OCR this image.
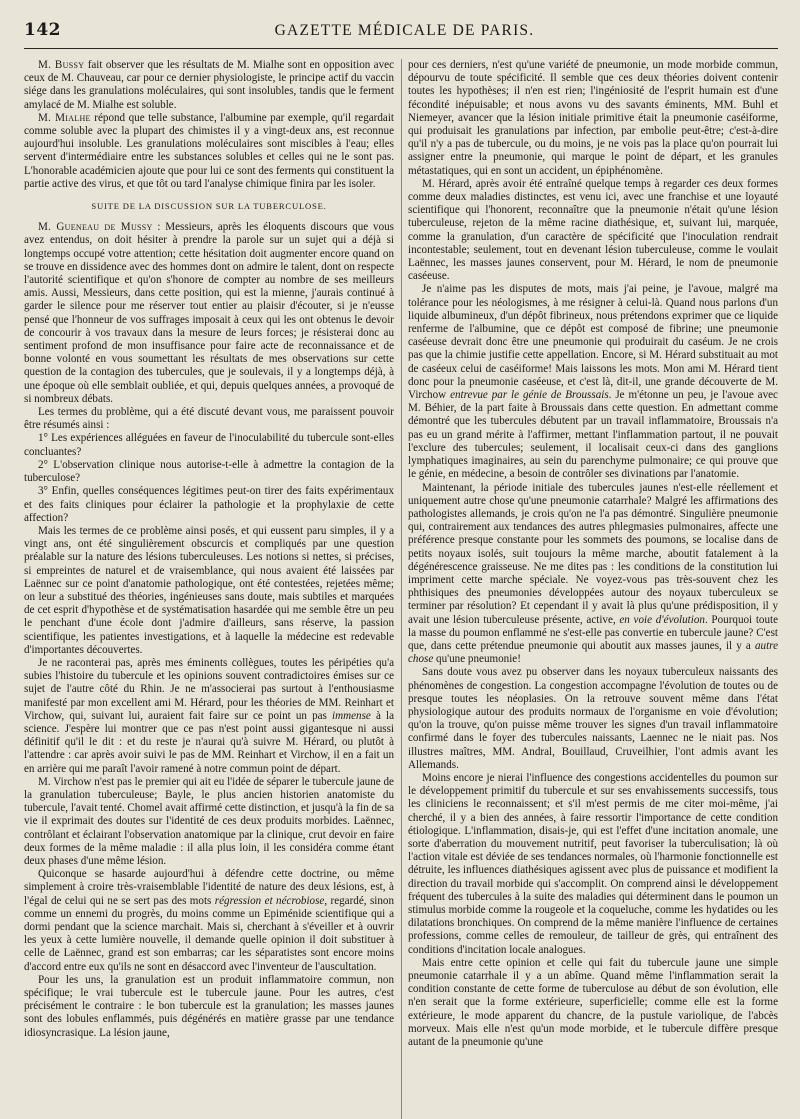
142	GAZETTE MÉDICALE DE PARIS.

M. Bussy fait observer que les résultats de M. Mialhe sont en opposition avec ceux de M. Chauveau, car pour ce dernier physiologiste, le principe actif du vaccin siége dans les granulations moléculaires, qui sont insolubles, tandis que le ferment amylacé de M. Mialhe est soluble.

M. Mialhe répond que telle substance, l'albumine par exemple, qu'il regardait comme soluble avec la plupart des chimistes il y a vingt-deux ans, est reconnue aujourd'hui insoluble. Les granulations moléculaires sont miscibles à l'eau; elles servent d'intermédiaire entre les substances solubles et celles qui ne le sont pas. L'honorable académicien ajoute que pour lui ce sont des ferments qui constituent la partie active des virus, et que tôt ou tard l'analyse chimique finira par les isoler.

SUITE DE LA DISCUSSION SUR LA TUBERCULOSE.

M. Gueneau de Mussy : Messieurs, après les éloquents discours que vous avez entendus, on doit hésiter à prendre la parole sur un sujet qui a déjà si longtemps occupé votre attention; cette hésitation doit augmenter encore quand on se trouve en dissidence avec des hommes dont on admire le talent, dont on respecte l'autorité scientifique et qu'on s'honore de compter au nombre de ses meilleurs amis. Aussi, Messieurs, dans cette position, qui est la mienne, j'aurais continué à garder le silence pour me réserver tout entier au plaisir d'écouter, si je n'eusse pensé que l'honneur de vos suffrages imposait à ceux qui les ont obtenus le devoir de concourir à vos travaux dans la mesure de leurs forces; je résisterai donc au sentiment profond de mon insuffisance pour faire acte de reconnaissance et de bonne volonté en vous soumettant les résultats de mes observations sur cette question de la contagion des tubercules, que je soulevais, il y a longtemps déjà, à une époque où elle semblait oubliée, et qui, depuis quelques années, a provoqué de si nombreux débats.

Les termes du problème, qui a été discuté devant vous, me paraissent pouvoir être résumés ainsi :

1° Les expériences alléguées en faveur de l'inoculabilité du tubercule sont-elles concluantes?

2° L'observation clinique nous autorise-t-elle à admettre la contagion de la tuberculose?

3° Enfin, quelles conséquences légitimes peut-on tirer des faits expérimentaux et des faits cliniques pour éclairer la pathologie et la prophylaxie de cette affection?

Mais les termes de ce problème ainsi posés, et qui eussent paru simples, il y a vingt ans, ont été singulièrement obscurcis et compliqués par une question préalable sur la nature des lésions tuberculeuses. Les notions si nettes, si précises, si empreintes de naturel et de vraisemblance, qui nous avaient été laissées par Laënnec sur ce point d'anatomie pathologique, ont été contestées, rejetées même; on leur a substitué des théories, ingénieuses sans doute, mais subtiles et marquées de cet esprit d'hypothèse et de systématisation hasardée qui me semble être un peu le penchant d'une école dont j'admire d'ailleurs, sans réserve, la passion scientifique, les patientes investigations, et à laquelle la médecine est redevable d'importantes découvertes.

Je ne raconterai pas, après mes éminents collègues, toutes les péripéties qu'a subies l'histoire du tubercule et les opinions souvent contradictoires émises sur ce sujet de l'autre côté du Rhin. Je ne m'associerai pas surtout à l'enthousiasme manifesté par mon excellent ami M. Hérard, pour les théories de MM. Reinhart et Virchow, qui, suivant lui, auraient fait faire sur ce point un pas immense à la science. J'espère lui montrer que ce pas n'est point aussi gigantesque ni aussi définitif qu'il le dit : et du reste je n'aurai qu'à suivre M. Hérard, ou plutôt à l'attendre : car après avoir suivi le pas de MM. Reinhart et Virchow, il en a fait un en arrière qui me paraît l'avoir ramené à notre commun point de départ.

M. Virchow n'est pas le premier qui ait eu l'idée de séparer le tubercule jaune de la granulation tuberculeuse; Bayle, le plus ancien historien anatomiste du tubercule, l'avait tenté. Chomel avait affirmé cette distinction, et jusqu'à la fin de sa vie il exprimait des doutes sur l'identité de ces deux produits morbides. Laënnec, contrôlant et éclairant l'observation anatomique par la clinique, crut devoir en faire deux formes de la même maladie : il alla plus loin, il les considéra comme étant deux phases d'une même lésion.

Quiconque se hasarde aujourd'hui à défendre cette doctrine, ou même simplement à croire très-vraisemblable l'identité de nature des deux lésions, est, à l'égal de celui qui ne se sert pas des mots régression et nécrobiose, regardé, sinon comme un ennemi du progrès, du moins comme un Epiménide scientifique qui a dormi pendant que la science marchait. Mais si, cherchant à s'éveiller et à ouvrir les yeux à cette lumière nouvelle, il demande quelle opinion il doit substituer à celle de Laënnec, grand est son embarras; car les séparatistes sont encore moins d'accord entre eux qu'ils ne sont en désaccord avec l'inventeur de l'auscultation.

Pour les uns, la granulation est un produit inflammatoire commun, non spécifique; le vrai tubercule est le tubercule jaune. Pour les autres, c'est précisément le contraire : le bon tubercule est la granulation; les masses jaunes sont des lobules enflammés, puis dégénérés en matière grasse par une tendance idiosyncrasique. La lésion jaune,

pour ces derniers, n'est qu'une variété de pneumonie, un mode morbide commun, dépourvu de toute spécificité. Il semble que ces deux théories doivent contenir toutes les hypothèses; il n'en est rien; l'ingéniosité de l'esprit humain est d'une fécondité inépuisable; et nous avons vu des savants éminents, MM. Buhl et Niemeyer, avancer que la lésion initiale primitive était la pneumonie caséiforme, qui produisait les granulations par infection, par embolie peut-être; c'est-à-dire qu'il n'y a pas de tubercule, ou du moins, je ne vois pas la place qu'on pourrait lui assigner entre la pneumonie, qui marque le point de départ, et les granules métastatiques, qui en sont un accident, un épiphénomène.

M. Hérard, après avoir été entraîné quelque temps à regarder ces deux formes comme deux maladies distinctes, est venu ici, avec une franchise et une loyauté scientifique qui l'honorent, reconnaître que la pneumonie n'était qu'une lésion tuberculeuse, rejeton de la même racine diathésique, et, suivant lui, marquée, comme la granulation, d'un caractère de spécificité que l'inoculation rendrait incontestable; seulement, tout en devenant lésion tuberculeuse, comme le voulait Laënnec, les masses jaunes conservent, pour M. Hérard, le nom de pneumonie caséeuse.

Je n'aime pas les disputes de mots, mais j'ai peine, je l'avoue, malgré ma tolérance pour les néologismes, à me résigner à celui-là. Quand nous parlons d'un liquide albumineux, d'un dépôt fibrineux, nous prétendons exprimer que ce liquide renferme de l'albumine, que ce dépôt est composé de fibrine; une pneumonie caséeuse devrait donc être une pneumonie qui produirait du caséum. Je ne crois pas que la chimie justifie cette appellation. Encore, si M. Hérard substituait au mot de caséeux celui de caséiforme! Mais laissons les mots. Mon ami M. Hérard tient donc pour la pneumonie caséeuse, et c'est là, dit-il, une grande découverte de M. Virchow entrevue par le génie de Broussais. Je m'étonne un peu, je l'avoue avec M. Béhier, de la part faite à Broussais dans cette question. En admettant comme démontré que les tubercules débutent par un travail inflammatoire, Broussais n'a pas eu un grand mérite à l'affirmer, mettant l'inflammation partout, il ne pouvait l'exclure des tubercules; seulement, il localisait ceux-ci dans des ganglions lymphatiques imaginaires, au sein du parenchyme pulmonaire; ce qui prouve que le génie, en médecine, a besoin de contrôler ses divinations par l'anatomie.

Maintenant, la période initiale des tubercules jaunes n'est-elle réellement et uniquement autre chose qu'une pneumonie catarrhale? Malgré les affirmations des pathologistes allemands, je crois qu'on ne l'a pas démontré. Singulière pneumonie qui, contrairement aux tendances des autres phlegmasies pulmonaires, affecte une préférence presque constante pour les sommets des poumons, se localise dans de petits noyaux isolés, suit toujours la même marche, aboutit fatalement à la dégénérescence graisseuse. Ne me dites pas : les conditions de la constitution lui impriment cette marche spéciale. Ne voyez-vous pas très-souvent chez les phthisiques des pneumonies développées autour des noyaux tuberculeux se terminer par résolution? Et cependant il y avait là plus qu'une prédisposition, il y avait une lésion tuberculeuse présente, active, en voie d'évolution. Pourquoi toute la masse du poumon enflammé ne s'est-elle pas convertie en tubercule jaune? C'est que, dans cette prétendue pneumonie qui aboutit aux masses jaunes, il y a autre chose qu'une pneumonie!

Sans doute vous avez pu observer dans les noyaux tuberculeux naissants des phénomènes de congestion. La congestion accompagne l'évolution de toutes ou de presque toutes les néoplasies. On la retrouve souvent même dans l'état physiologique autour des produits normaux de l'organisme en voie d'évolution; qu'on la trouve, qu'on puisse même trouver les signes d'un travail inflammatoire confirmé dans le foyer des tubercules naissants, Laennec ne le niait pas. Nos illustres maîtres, MM. Andral, Bouillaud, Cruveilhier, l'ont admis avant les Allemands.

Moins encore je nierai l'influence des congestions accidentelles du poumon sur le développement primitif du tubercule et sur ses envahissements successifs, tous les cliniciens le reconnaissent; et s'il m'est permis de me citer moi-même, j'ai cherché, il y a bien des années, à faire ressortir l'importance de cette condition étiologique. L'inflammation, disais-je, qui est l'effet d'une incitation anomale, une sorte d'aberration du mouvement nutritif, peut favoriser la tuberculisation; là où l'action vitale est déviée de ses tendances normales, où l'harmonie fonctionnelle est détruite, les influences diathésiques agissent avec plus de puissance et modifient la direction du travail morbide qui s'accomplit. On comprend ainsi le développement fréquent des tubercules à la suite des maladies qui déterminent dans le poumon un stimulus morbide comme la rougeole et la coqueluche, comme les hydatides ou les dilatations bronchiques. On comprend de la même manière l'influence de certaines professions, comme celles de remouleur, de tailleur de grès, qui entraînent des conditions d'incitation locale analogues.

Mais entre cette opinion et celle qui fait du tubercule jaune une simple pneumonie catarrhale il y a un abîme. Quand même l'inflammation serait la condition constante de cette forme de tuberculose au début de son évolution, elle n'en serait que la forme extérieure, superficielle; comme elle est la forme extérieure, le mode apparent du chancre, de la pustule variolique, de l'abcès morveux. Mais elle n'est qu'un mode morbide, et le tubercule diffère presque autant de la pneumonie qu'une
